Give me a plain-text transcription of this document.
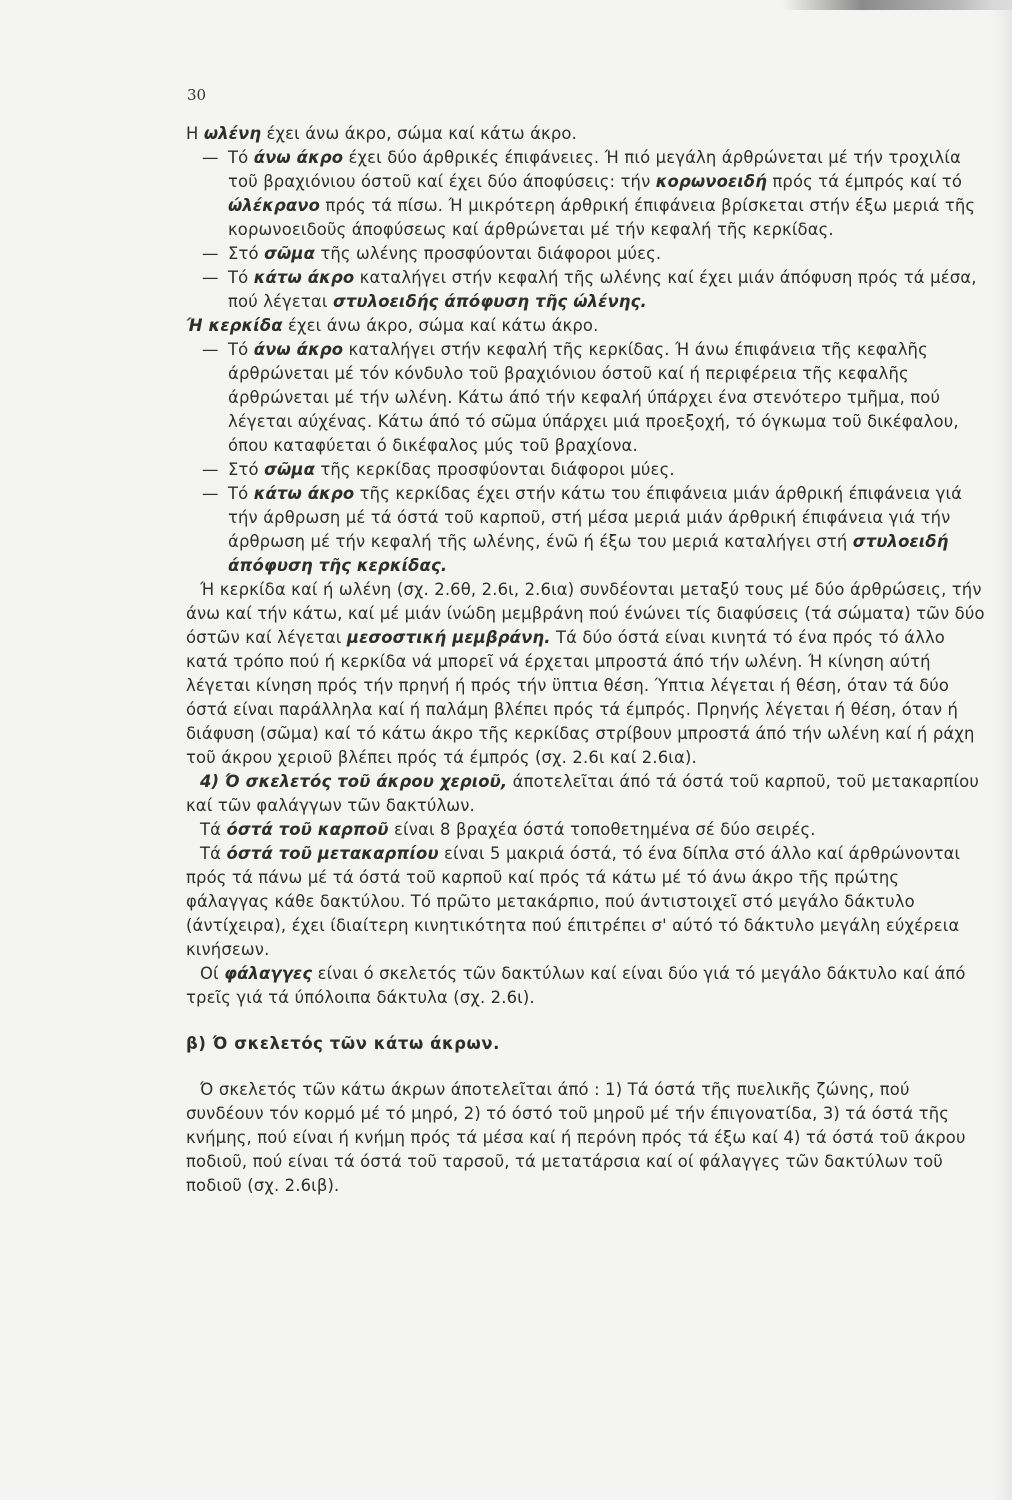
30

Η ωλένη έχει άνω άκρο, σώμα καί κάτω άκρο.

— Τό άνω άκρο έχει δύο άρθρικές έπιφάνειες. Ή πιό μεγάλη άρθρώνεται μέ τήν τροχιλία τοῦ βραχιόνιου όστοῦ καί έχει δύο άποφύσεις: τήν κορωνοειδή πρός τά έμπρός καί τό ώλέκρανο πρός τά πίσω. Ή μικρότερη άρθρική έπιφάνεια βρίσκεται στήν έξω μεριά τῆς κορωνοειδοῦς άποφύσεως καί άρθρώνεται μέ τήν κεφαλή τῆς κερκίδας.

— Στό σῶμα τῆς ωλένης προσφύονται διάφοροι μύες.

— Τό κάτω άκρο καταλήγει στήν κεφαλή τῆς ωλένης καί έχει μιάν άπόφυση πρός τά μέσα, πού λέγεται στυλοειδής άπόφυση τῆς ώλένης.

Ή κερκίδα έχει άνω άκρο, σώμα καί κάτω άκρο.

— Τό άνω άκρο καταλήγει στήν κεφαλή τῆς κερκίδας. Ή άνω έπιφάνεια τῆς κεφαλῆς άρθρώνεται μέ τόν κόνδυλο τοῦ βραχιόνιου όστοῦ καί ή περιφέρεια τῆς κεφαλῆς άρθρώνεται μέ τήν ωλένη. Κάτω άπό τήν κεφαλή ύπάρχει ένα στενότερο τμῆμα, πού λέγεται αύχένας. Κάτω άπό τό σῶμα ύπάρχει μιά προεξοχή, τό όγκωμα τοῦ δικέφαλου, όπου καταφύεται ό δικέφαλος μύς τοῦ βραχίονα.

— Στό σῶμα τῆς κερκίδας προσφύονται διάφοροι μύες.

— Τό κάτω άκρο τῆς κερκίδας έχει στήν κάτω του έπιφάνεια μιάν άρθρική έπιφάνεια γιά τήν άρθρωση μέ τά όστά τοῦ καρποῦ, στή μέσα μεριά μιάν άρθρική έπιφάνεια γιά τήν άρθρωση μέ τήν κεφαλή τῆς ωλένης, ένῶ ή έξω του μεριά καταλήγει στή στυλοειδή άπόφυση τῆς κερκίδας.

Ή κερκίδα καί ή ωλένη (σχ. 2.6θ, 2.6ι, 2.6ια) συνδέονται μεταξύ τους μέ δύο άρθρώσεις, τήν άνω καί τήν κάτω, καί μέ μιάν ίνώδη μεμβράνη πού ένώνει τίς διαφύσεις (τά σώματα) τῶν δύο όστῶν καί λέγεται μεσοστική μεμβράνη. Τά δύο όστά είναι κινητά τό ένα πρός τό άλλο κατά τρόπο πού ή κερκίδα νά μπορεῖ νά έρχεται μπροστά άπό τήν ωλένη. Ή κίνηση αύτή λέγεται κίνηση πρός τήν πρηνή ή πρός τήν ϋπτια θέση. Ύπτια λέγεται ή θέση, όταν τά δύο όστά είναι παράλληλα καί ή παλάμη βλέπει πρός τά έμπρός. Πρηνής λέγεται ή θέση, όταν ή διάφυση (σῶμα) καί τό κάτω άκρο τῆς κερκίδας στρίβουν μπροστά άπό τήν ωλένη καί ή ράχη τοῦ άκρου χεριοῦ βλέπει πρός τά έμπρός (σχ. 2.6ι καί 2.6ια).

4) Ό σκελετός τοῦ άκρου χεριοῦ, άποτελεῖται άπό τά όστά τοῦ καρποῦ, τοῦ μετακαρπίου καί τῶν φαλάγγων τῶν δακτύλων.

Τά όστά τοῦ καρποῦ είναι 8 βραχέα όστά τοποθετημένα σέ δύο σειρές.

Τά όστά τοῦ μετακαρπίου είναι 5 μακριά όστά, τό ένα δίπλα στό άλλο καί άρθρώνονται πρός τά πάνω μέ τά όστά τοῦ καρποῦ καί πρός τά κάτω μέ τό άνω άκρο τῆς πρώτης φάλαγγας κάθε δακτύλου. Τό πρῶτο μετακάρπιο, πού άντιστοιχεῖ στό μεγάλο δάκτυλο (άντίχειρα), έχει ίδιαίτερη κινητικότητα πού έπιτρέπει σ' αύτό τό δάκτυλο μεγάλη εύχέρεια κινήσεων.

Οί φάλαγγες είναι ό σκελετός τῶν δακτύλων καί είναι δύο γιά τό μεγάλο δάκτυλο καί άπό τρεῖς γιά τά ύπόλοιπα δάκτυλα (σχ. 2.6ι).

β) Ό σκελετός τῶν κάτω άκρων.

Ό σκελετός τῶν κάτω άκρων άποτελεῖται άπό : 1) Τά όστά τῆς πυελικῆς ζώνης, πού συνδέουν τόν κορμό μέ τό μηρό, 2) τό όστό τοῦ μηροῦ μέ τήν έπιγονατίδα, 3) τά όστά τῆς κνήμης, πού είναι ή κνήμη πρός τά μέσα καί ή περόνη πρός τά έξω καί 4) τά όστά τοῦ άκρου ποδιοῦ, πού είναι τά όστά τοῦ ταρσοῦ, τά μετατάρσια καί οί φάλαγγες τῶν δακτύλων τοῦ ποδιοῦ (σχ. 2.6ιβ).
